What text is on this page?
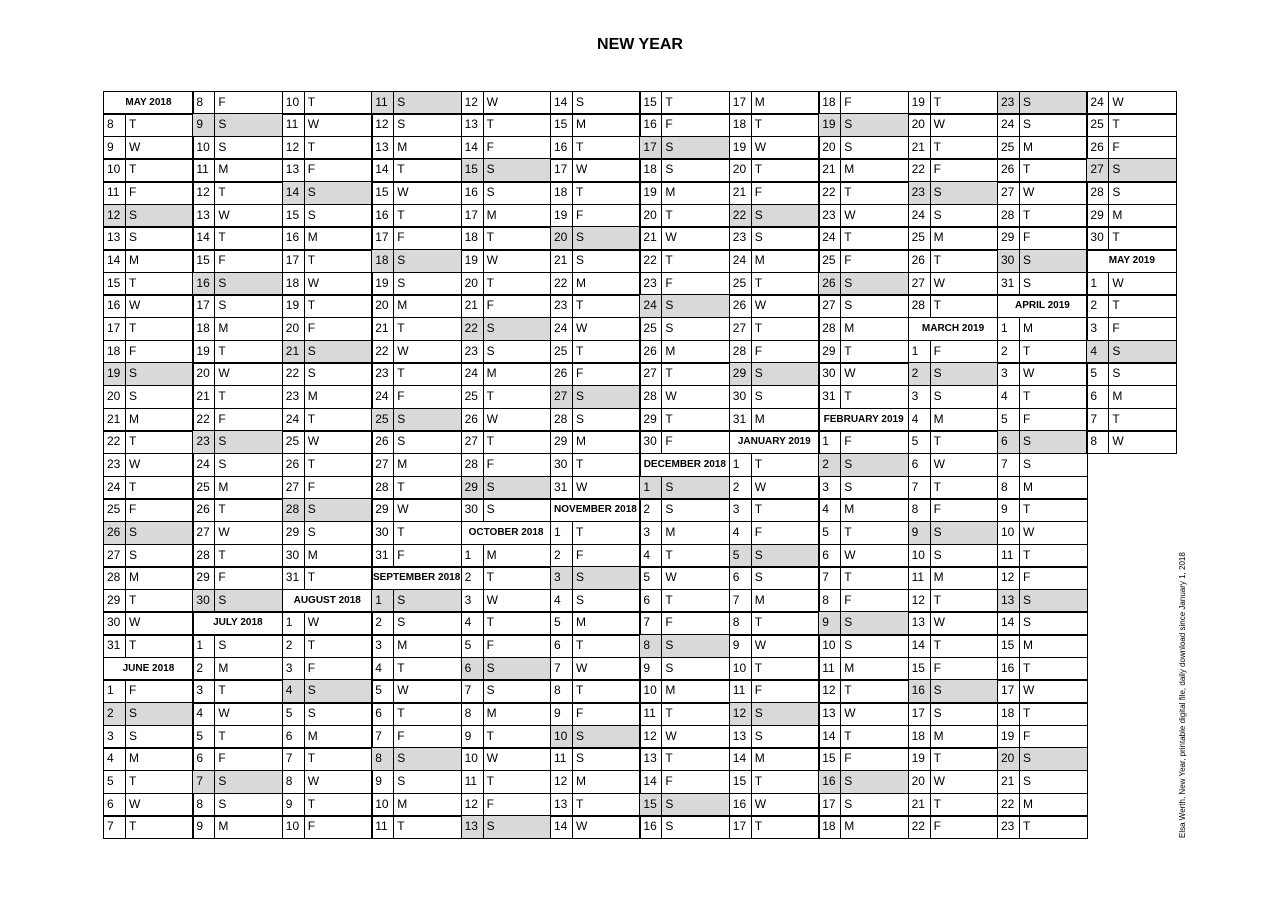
NEW YEAR
MAY 2018
8	T
9	W
10 T
11 F
12 S
13 S
14 M
15 T
16 W
17 T
18 F
19 S
20 S
21 M
22 T
23 W
24 T
25 F
26 S
27 S
28 M
29 T
30 W
31 T
JUNE 2018
1	F
2	S
3	S
4	M
5	T
6	W
7	T
8	F
9	S
10 S
11 M
12 T
13 W
14 T
15 F
16 S
17 S
18 M
19 T
20 W
21 T
22 F
23 S
24 S
25 M
26 T
27 W
28 T
29 F
30 S
JULY 2018
1	S
2	M
3	T
4	W
5	T
6	F
7	S
8	S
9	M
10 T
11 W
12 T
13 F
14 S
15 S
16 M
17 T
18 W
19 T
20 F
21 S
22 S
23 M
24 T
25 W
26 T
27 F
28 S
29 S
30 M
31 T
AUGUST 2018
1	W
2	T
3	F
4	S
5	S
6	M
7	T
8	W
9	T
10 F
11 S
12 S
13 M
14 T
15 W
16 T
17 F
18 S
19 S
20 M
21 T
22 W
23 T
24 F
25 S
26 S
27 M
28 T
29 W
30 T
31 F
SEPTEMBER 2018
1	S
2	S
3	M
4	T
5	W
6	T
7	F
8	S
9	S
10 M
11 T
12 W
13 T
14 F
15 S
16 S
17 M
18 T
19 W
20 T
21 F
22 S
23 S
24 M
25 T
26 W
27 T
28 F
29 S
30 S
OCTOBER 2018
1	M
2	T
3	W
4	T
5	F
6	S
7	S
8	M
9	T
10 W
11 T
12 F
13 S
14 S
15 M
16 T
17 W
18 T
19 F
20 S
21 S
22 M
23 T
24 W
25 T
26 F
27 S
28 S
29 M
30 T
31 W
NOVEMBER 2018
1	T
2	F
3	S
4	S
5	M
6	T
7	W
8	T
9	F
10 S
11 S
12 M
13 T
14 W
15 T
16 F
17 S
18 S
19 M
20 T
21 W
22 T
23 F
24 S
25 S
26 M
27 T
28 W
29 T
30 F
DECEMBER 2018
1	S
2	S
3	M
4	T
5	W
6	T
7	F
8	S
9	S
10 M
11 T
12 W
13 T
14 F
15 S
16 S
17 M
18 T
19 W
20 T
21 F
22 S
23 S
24 M
25 T
26 W
27 T
28 F
29 S
30 S
31 M
JANUARY 2019
1	T
2	W
3	T
4	F
5	S
6	S
7	M
8	T
9	W
10 T
11 F
12 S
13 S
14 M
15 T
16 W
17 T
18 F
19 S
20 S
21 M
22 T
23 W
24 T
25 F
26 S
27 S
28 M
29 T
30 W
31 T
FEBRUARY 2019
1	F
2	S
3	S
4	M
5	T
6	W
7	T
8	F
9	S
10 S
11 M
12 T
13 W
14 T
15 F
16 S
17 S
18 M
19 T
20 W
21 T
22 F
23 S
24 S
25 M
26 T
27 W
28 T
MARCH 2019
1	F
2	S
3	S
4	M
5	T
6	W
7	T
8	F
9	S
10 S
11 M
12 T
13 W
14 T
15 F
16 S
17 S
18 M
19 T
20 W
21 T
22 F
23 S
24 S
25 M
26 T
27 W
28 T
29 F
30 S
31 S
APRIL 2019
1	M
2	T
3	W
4	T
5	F
6	S
7	S
8	M
9	T
10 W
11 T
12 F
13 S
14 S
15 M
16 T
17 W
18 T
19 F
20 S
21 S
22 M
23 T
24 W
25 T
26 F
27 S
28 S
29 M
30 T
MAY 2019
1	W
2	T
3	F
4	S
5	S
6	M
7	T
8	W
Elsa Werth, New Year, printable digital file, daily download since January 1, 2018
